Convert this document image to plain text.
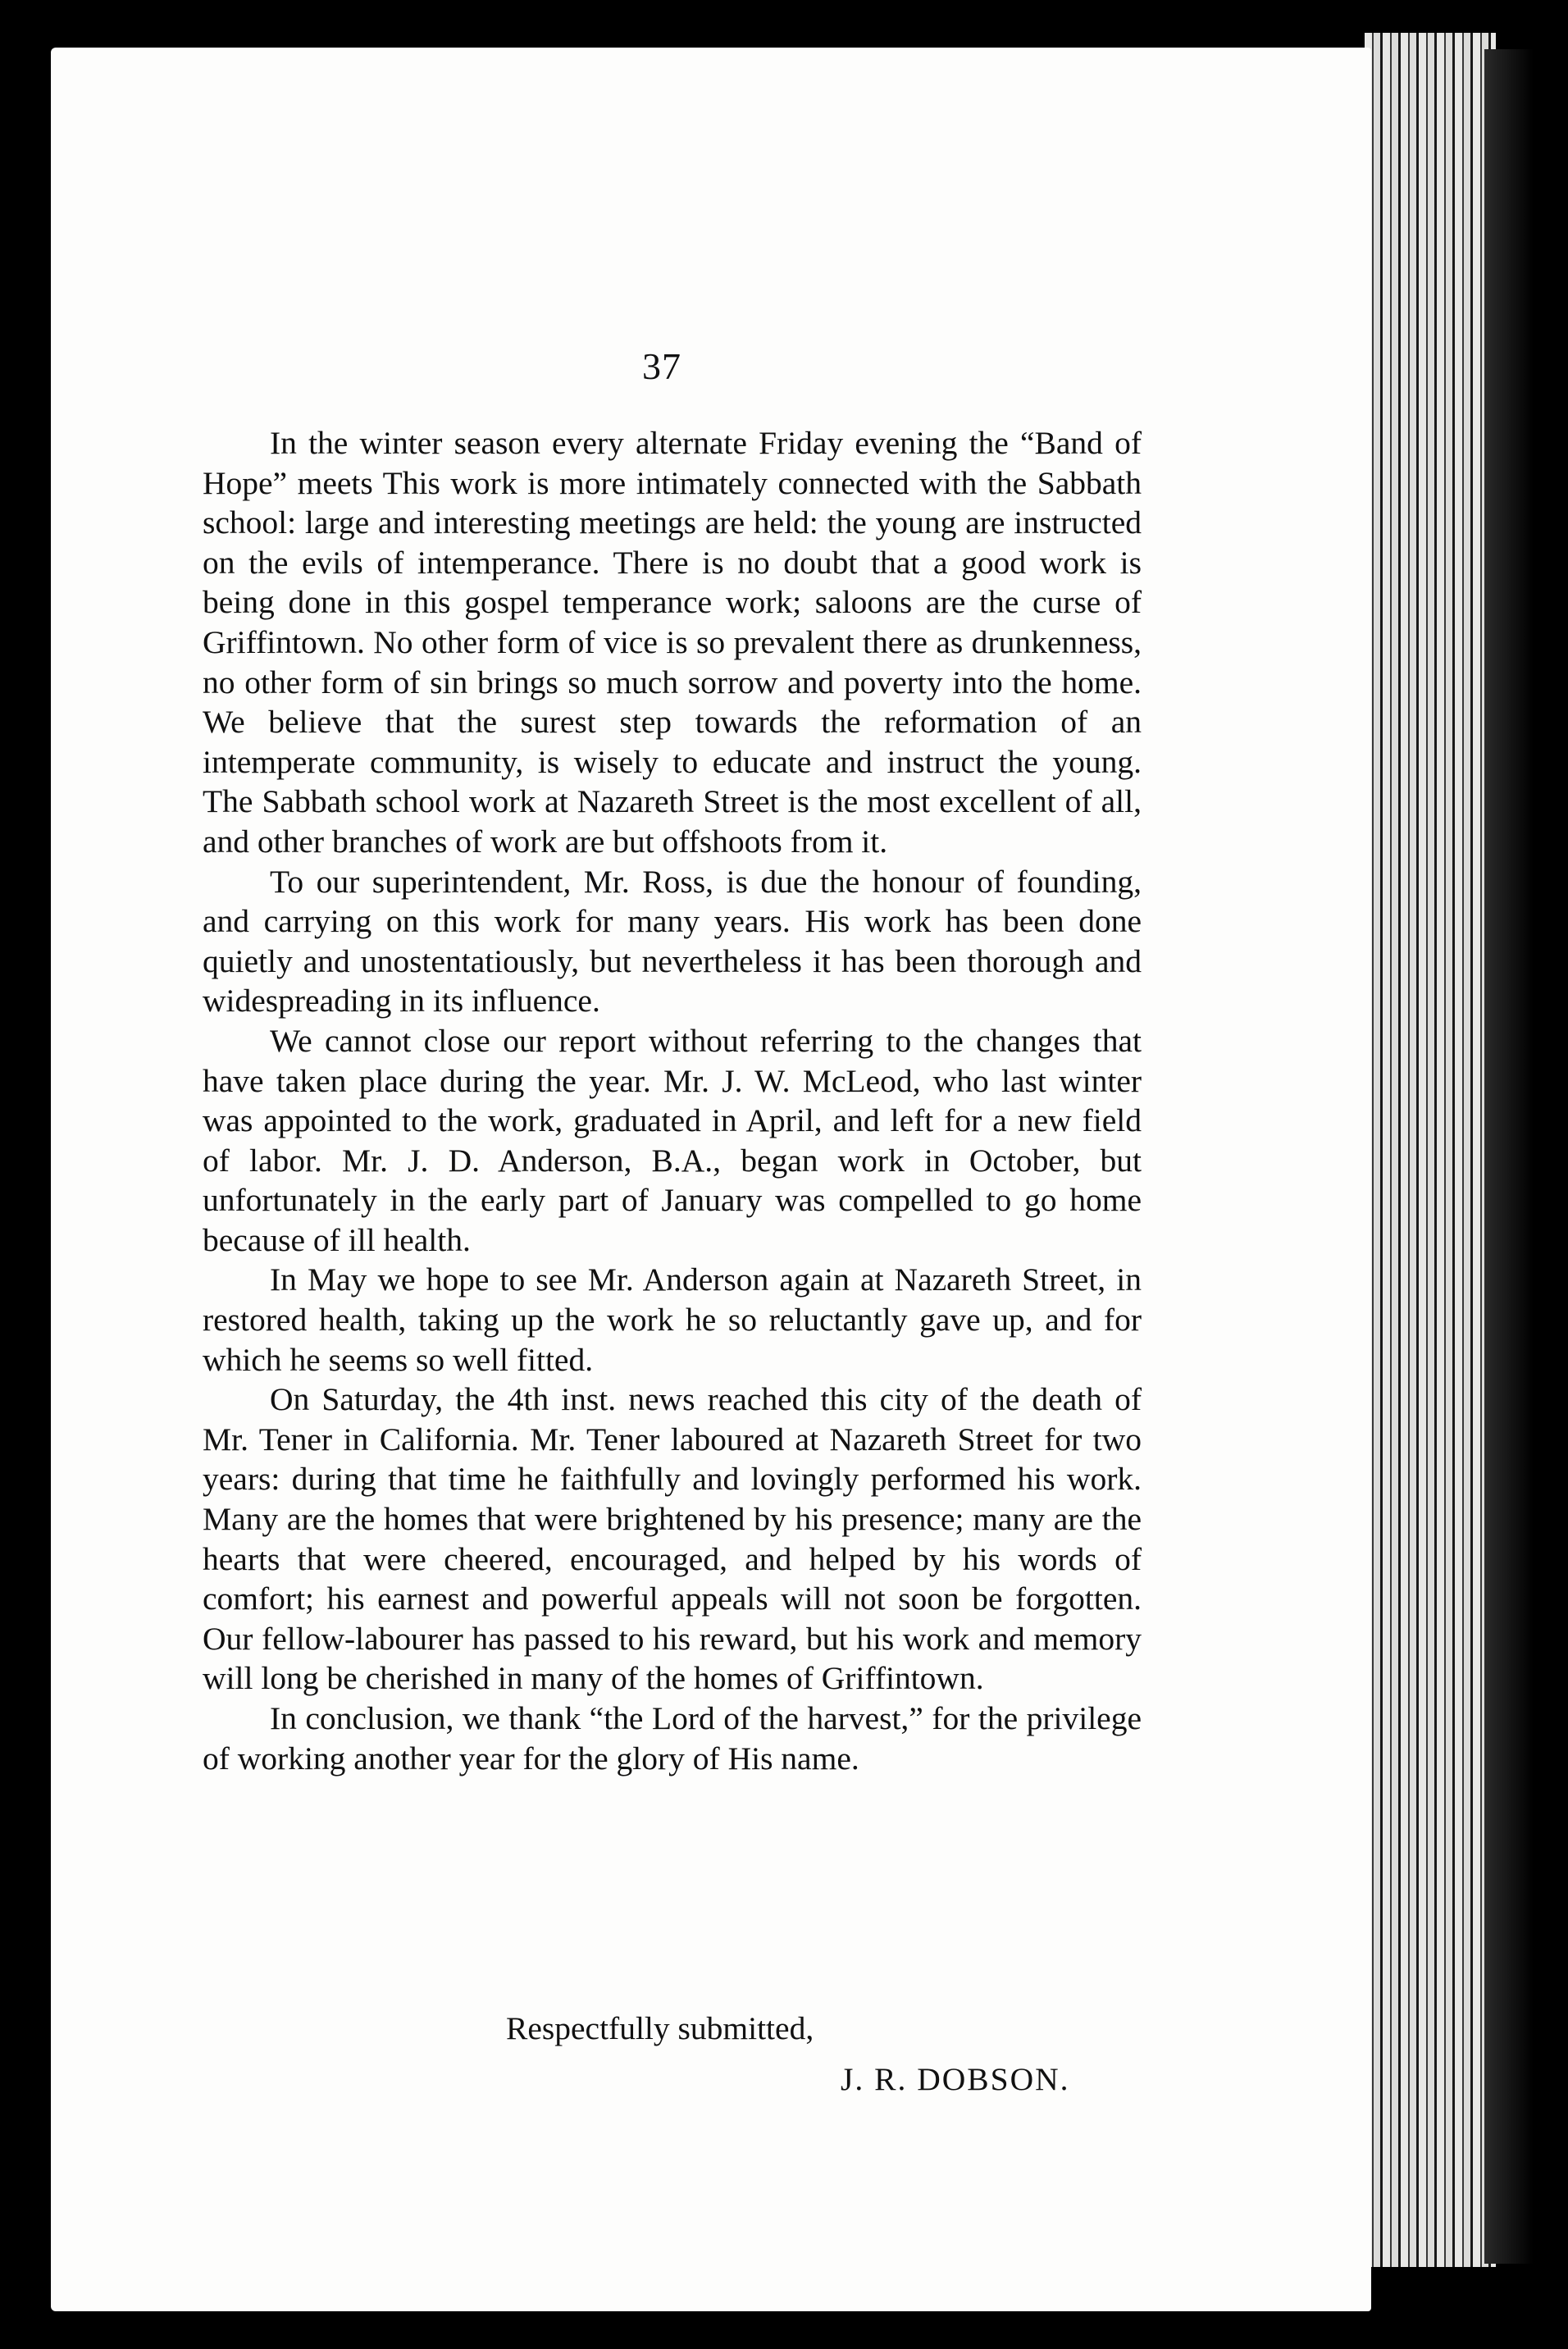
37

In the winter season every alternate Friday evening the “Band of Hope” meets This work is more intimately connected with the Sabbath school: large and interesting meetings are held: the young are instructed on the evils of intemperance. There is no doubt that a good work is being done in this gospel temperance work; saloons are the curse of Griffintown. No other form of vice is so prevalent there as drunkenness, no other form of sin brings so much sorrow and poverty into the home. We believe that the surest step towards the reformation of an intemperate community, is wisely to educate and instruct the young. The Sabbath school work at Nazareth Street is the most excellent of all, and other branches of work are but offshoots from it.

To our superintendent, Mr. Ross, is due the honour of founding, and carrying on this work for many years. His work has been done quietly and unostentatiously, but nevertheless it has been thorough and widespreading in its influence.

We cannot close our report without referring to the changes that have taken place during the year. Mr. J. W. McLeod, who last winter was appointed to the work, graduated in April, and left for a new field of labor. Mr. J. D. Anderson, B.A., began work in October, but unfortunately in the early part of January was compelled to go home because of ill health.

In May we hope to see Mr. Anderson again at Nazareth Street, in restored health, taking up the work he so reluctantly gave up, and for which he seems so well fitted.

On Saturday, the 4th inst. news reached this city of the death of Mr. Tener in California. Mr. Tener laboured at Nazareth Street for two years: during that time he faithfully and lovingly performed his work. Many are the homes that were brightened by his presence; many are the hearts that were cheered, encouraged, and helped by his words of comfort; his earnest and powerful appeals will not soon be forgotten. Our fellow-labourer has passed to his reward, but his work and memory will long be cherished in many of the homes of Griffintown.

In conclusion, we thank “the Lord of the harvest,” for the privilege of working another year for the glory of His name.

Respectfully submitted,
J. R. DOBSON.
